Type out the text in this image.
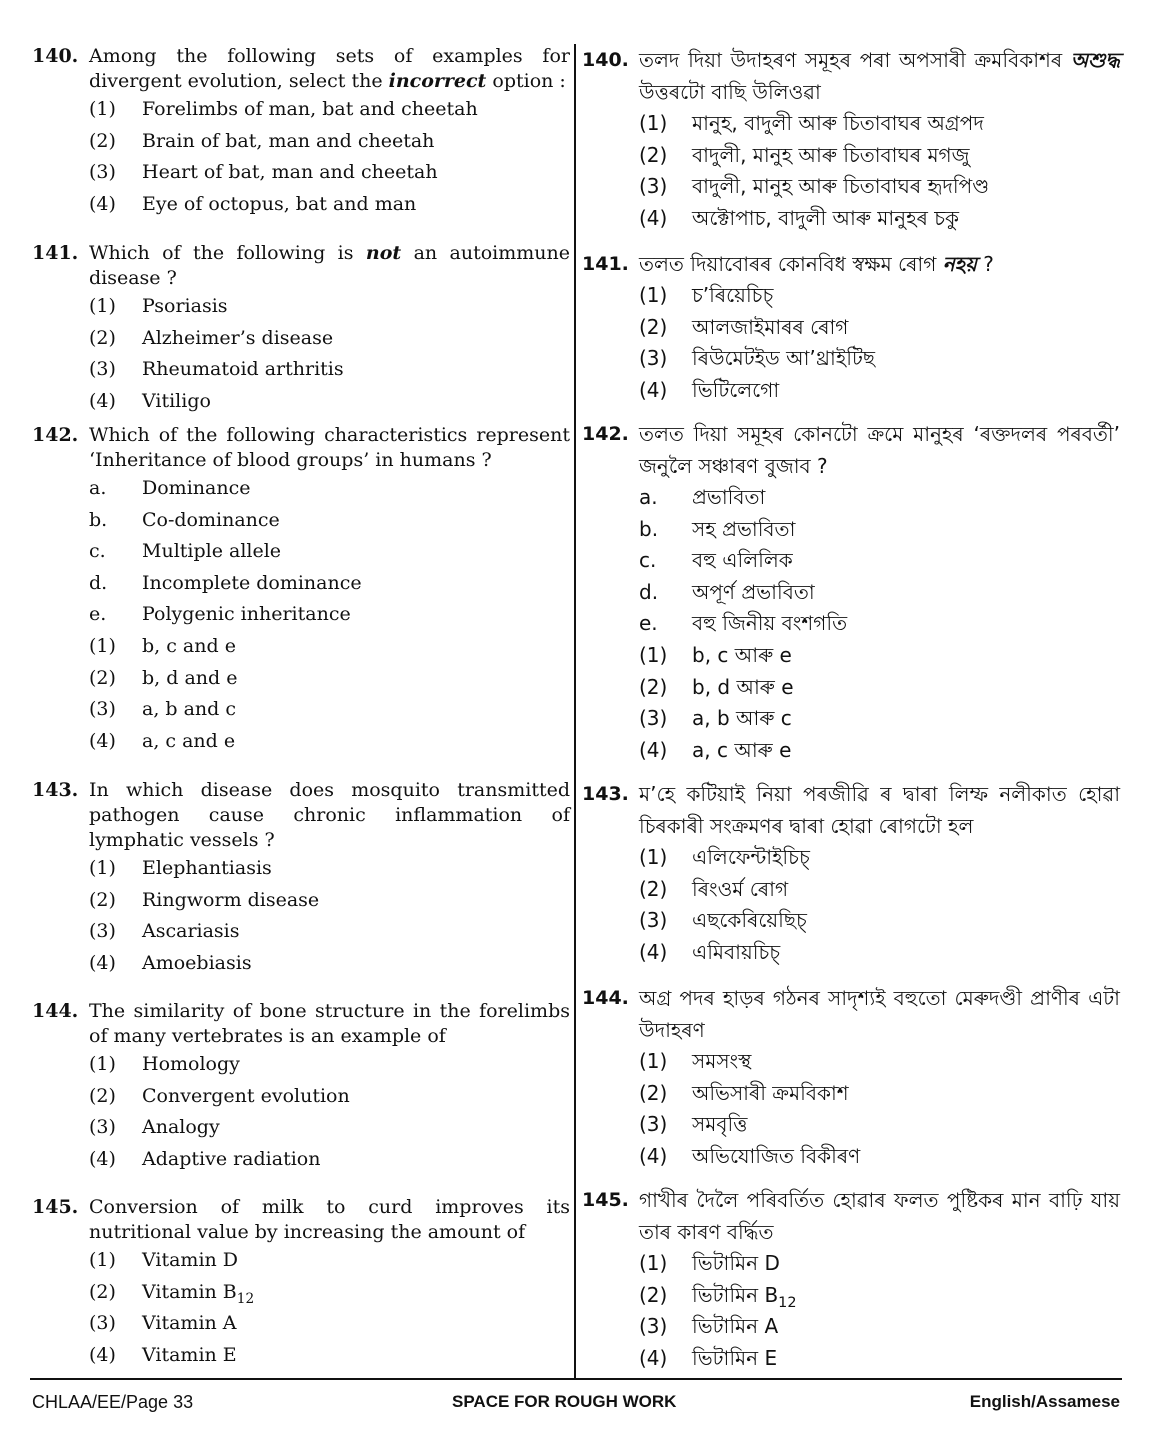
140. Among the following sets of examples for divergent evolution, select the incorrect option :
(1)	Forelimbs of man, bat and cheetah
(2)	Brain of bat, man and cheetah
(3)	Heart of bat, man and cheetah
(4)	Eye of octopus, bat and man
141. Which of the following is not an autoimmune disease ?
(1)	Psoriasis
(2)	Alzheimer’s disease
(3)	Rheumatoid arthritis
(4)	Vitiligo
142. Which of the following characteristics represent ‘Inheritance of blood groups’ in humans ?
a.	Dominance
b.	Co-dominance
c.	Multiple allele
d.	Incomplete dominance
e.	Polygenic inheritance
(1)	b, c and e
(2)	b, d and e
(3)	a, b and c
(4)	a, c and e
143. In which disease does mosquito transmitted pathogen cause chronic inflammation of lymphatic vessels ?
(1)	Elephantiasis
(2)	Ringworm disease
(3)	Ascariasis
(4)	Amoebiasis
144. The similarity of bone structure in the forelimbs of many vertebrates is an example of
(1)	Homology
(2)	Convergent evolution
(3)	Analogy
(4)	Adaptive radiation
145. Conversion of milk to curd improves its nutritional value by increasing the amount of
(1)	Vitamin D
(2)	Vitamin $B_{12}$
(3)	Vitamin A
(4)	Vitamin E
140. তলদ দিয়া উদাহৰণ সমূহৰ পৰা অপসাৰী ক্ৰমবিকাশৰ অশুদ্ধ উত্তৰটো বাছি উলিওৱা
(1)	মানুহ, বাদুলী আৰু চিতাবাঘৰ অগ্ৰপদ
(2)	বাদুলী, মানুহ আৰু চিতাবাঘৰ মগজু
(3)	বাদুলী, মানুহ আৰু চিতাবাঘৰ হৃদপিণ্ড
(4)	অক্টোপাচ, বাদুলী আৰু মানুহৰ চকু
141. তলত দিয়াবোৰৰ কোনবিধ স্বক্ষম ৰোগ নহয় ?
(1)	চ’ৰিয়েচিচ্
(2)	আলজাইমাৰৰ ৰোগ
(3)	ৰিউমেটইড আ’থ্ৰাইটিছ
(4)	ভিটিলেগো
142. তলত দিয়া সমূহৰ কোনটো ক্ৰমে মানুহৰ ‘ৰক্তদলৰ পৰবৰ্তী’ জনুলৈ সঞ্চাৰণ বুজাব ?
a.	প্ৰভাবিতা
b.	সহ প্ৰভাবিতা
c.	বহু এলিলিক
d.	অপূৰ্ণ প্ৰভাবিতা
e.	বহু জিনীয় বংশগতি
(1)	b, c আৰু e
(2)	b, d আৰু e
(3)	a, b আৰু c
(4)	a, c আৰু e
143. ম’হে কটিয়াই নিয়া পৰজীৱি ৰ দ্বাৰা লিম্ফ নলীকাত হোৱা চিৰকাৰী সংক্ৰমণৰ দ্বাৰা হোৱা ৰোগটো হল
(1)	এলিফেন্টাইচিচ্
(2)	ৰিংওৰ্ম ৰোগ
(3)	এছকেৰিয়েছিচ্
(4)	এমিবায়চিচ্
144. অগ্ৰ পদৰ হাড়ৰ গঠনৰ সাদৃশ্যই বহুতো মেৰুদণ্ডী প্ৰাণীৰ এটা উদাহৰণ
(1)	সমসংস্থ
(2)	অভিসাৰী ক্ৰমবিকাশ
(3)	সমবৃত্তি
(4)	অভিযোজিত বিকীৰণ
145. গাখীৰ দৈলৈ পৰিবৰ্তিত হোৱাৰ ফলত পুষ্টিকৰ মান বাঢ়ি যায় তাৰ কাৰণ বৰ্দ্ধিত
(1)	ভিটামিন D
(2)	ভিটামিন $B_{12}$
(3)	ভিটামিন A
(4)	ভিটামিন E
CHLAA/EE/Page 33	SPACE FOR ROUGH WORK	English/Assamese
